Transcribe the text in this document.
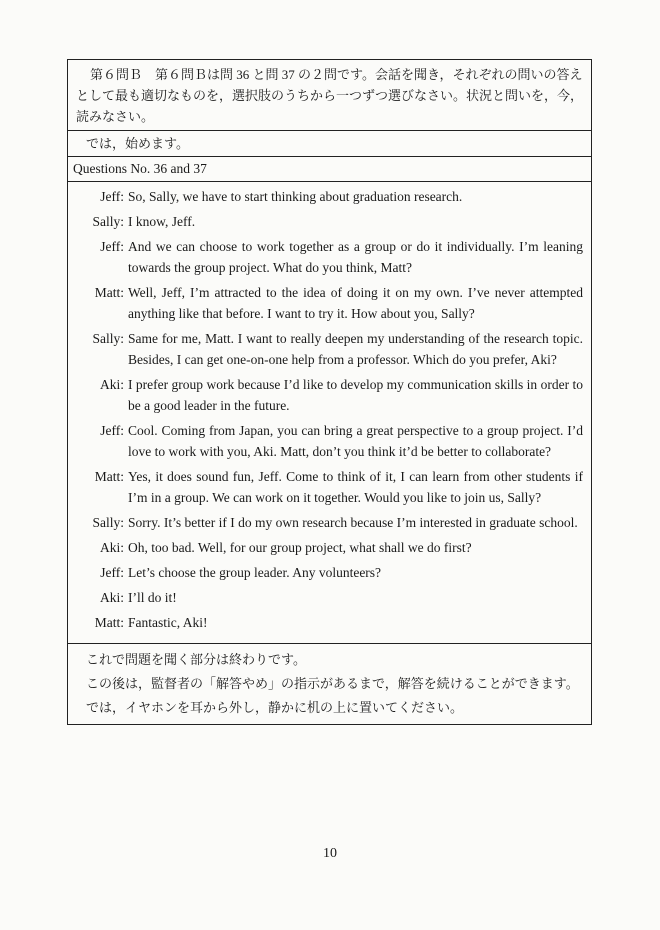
第６問Ｂ　第６問Ｂは問 36 と問 37 の２問です。会話を聞き，それぞれの問いの答えとして最も適切なものを，選択肢のうちから一つずつ選びなさい。状況と問いを，今，読みなさい。
では，始めます。
Questions No. 36 and 37
Jeff: So, Sally, we have to start thinking about graduation research.
Sally: I know, Jeff.
Jeff: And we can choose to work together as a group or do it individually. I’m leaning towards the group project. What do you think, Matt?
Matt: Well, Jeff, I’m attracted to the idea of doing it on my own. I’ve never attempted anything like that before. I want to try it. How about you, Sally?
Sally: Same for me, Matt. I want to really deepen my understanding of the research topic. Besides, I can get one-on-one help from a professor. Which do you prefer, Aki?
Aki: I prefer group work because I’d like to develop my communication skills in order to be a good leader in the future.
Jeff: Cool. Coming from Japan, you can bring a great perspective to a group project. I’d love to work with you, Aki. Matt, don’t you think it’d be better to collaborate?
Matt: Yes, it does sound fun, Jeff. Come to think of it, I can learn from other students if I’m in a group. We can work on it together. Would you like to join us, Sally?
Sally: Sorry. It’s better if I do my own research because I’m interested in graduate school.
Aki: Oh, too bad. Well, for our group project, what shall we do first?
Jeff: Let’s choose the group leader. Any volunteers?
Aki: I’ll do it!
Matt: Fantastic, Aki!
これで問題を聞く部分は終わりです。
この後は，監督者の「解答やめ」の指示があるまで，解答を続けることができます。
では，イヤホンを耳から外し，静かに机の上に置いてください。
10
